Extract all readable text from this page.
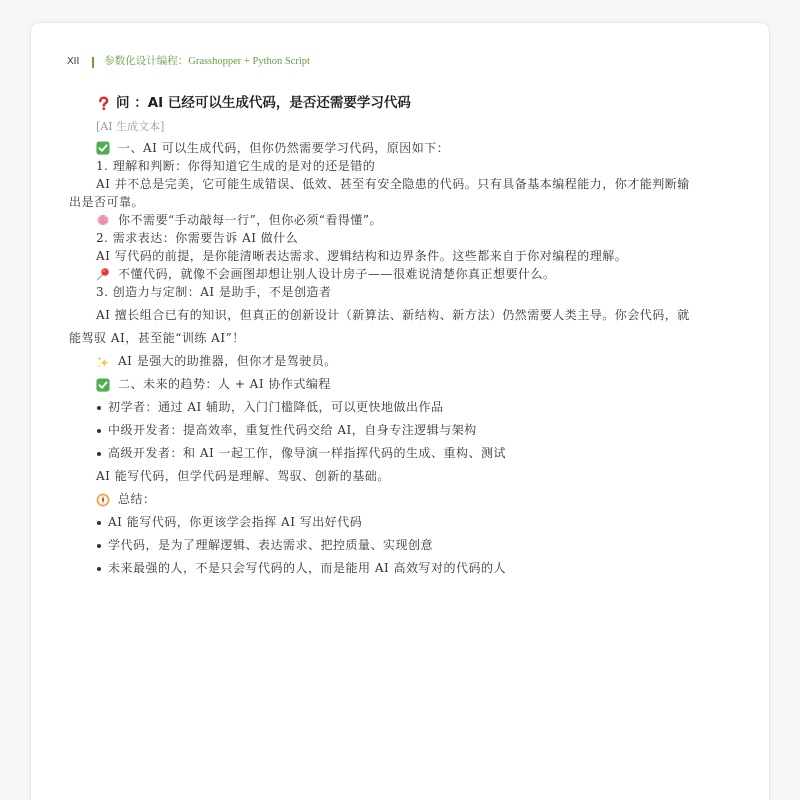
XII 参数化设计编程：Grasshopper + Python Script
问 ：AI 已经可以生成代码，是否还需要学习代码
[AI 生成文本]
一、AI 可以生成代码，但你仍然需要学习代码，原因如下：
1. 理解和判断：你得知道它生成的是对的还是错的

AI 并不总是完美，它可能生成错误、低效、甚至有安全隐患的代码。只有具备基本编程能力，你才能判断输出是否可靠。

你不需要“手动敲每一行”，但你必须“看得懂”。
2. 需求表达：你需要告诉 AI 做什么
AI 写代码的前提，是你能清晰表达需求、逻辑结构和边界条件。这些都来自于你对编程的理解。
不懂代码，就像不会画图却想让别人设计房子——很难说清楚你真正想要什么。
3. 创造力与定制：AI 是助手，不是创造者

AI 擅长组合已有的知识，但真正的创新设计（新算法、新结构、新方法）仍然需要人类主导。你会代码，就能驾驭 AI，甚至能“训练 AI”！

AI 是强大的助推器，但你才是驾驶员。
二、未来的趋势：人 + AI 协作式编程
初学者：通过 AI 辅助，入门门槛降低，可以更快地做出作品
中级开发者：提高效率，重复性代码交给 AI，自身专注逻辑与架构
高级开发者：和 AI 一起工作，像导演一样指挥代码的生成、重构、测试
AI 能写代码，但学代码是理解、驾驭、创新的基础。
总结：
AI 能写代码，你更该学会指挥 AI 写出好代码
学代码，是为了理解逻辑、表达需求、把控质量、实现创意
未来最强的人，不是只会写代码的人，而是能用 AI 高效写对的代码的人
